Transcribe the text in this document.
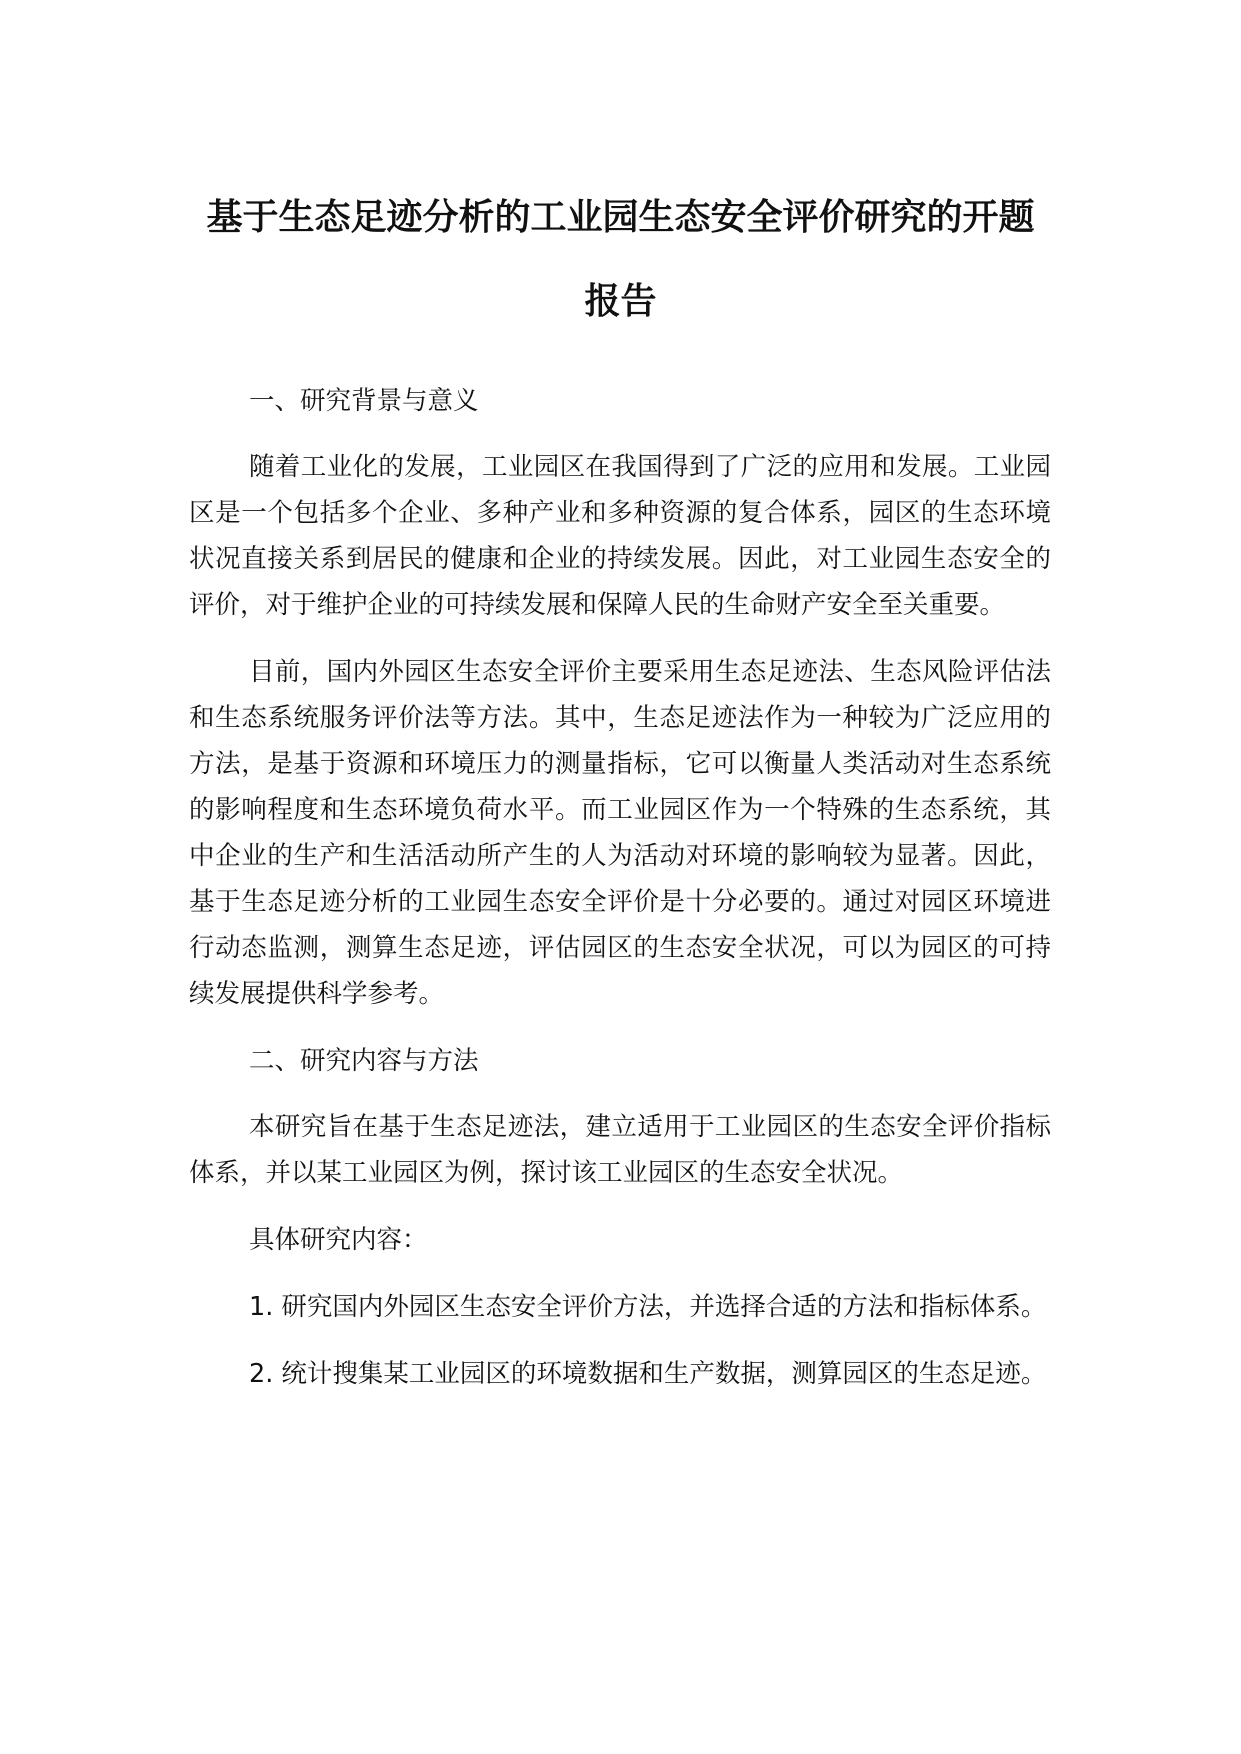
基于生态足迹分析的工业园生态安全评价研究的开题报告

一、研究背景与意义

随着工业化的发展，工业园区在我国得到了广泛的应用和发展。工业园区是一个包括多个企业、多种产业和多种资源的复合体系，园区的生态环境状况直接关系到居民的健康和企业的持续发展。因此，对工业园生态安全的评价，对于维护企业的可持续发展和保障人民的生命财产安全至关重要。

目前，国内外园区生态安全评价主要采用生态足迹法、生态风险评估法和生态系统服务评价法等方法。其中，生态足迹法作为一种较为广泛应用的方法，是基于资源和环境压力的测量指标，它可以衡量人类活动对生态系统的影响程度和生态环境负荷水平。而工业园区作为一个特殊的生态系统，其中企业的生产和生活活动所产生的人为活动对环境的影响较为显著。因此，基于生态足迹分析的工业园生态安全评价是十分必要的。通过对园区环境进行动态监测，测算生态足迹，评估园区的生态安全状况，可以为园区的可持续发展提供科学参考。

二、研究内容与方法

本研究旨在基于生态足迹法，建立适用于工业园区的生态安全评价指标体系，并以某工业园区为例，探讨该工业园区的生态安全状况。

具体研究内容：

1. 研究国内外园区生态安全评价方法，并选择合适的方法和指标体系。

2. 统计搜集某工业园区的环境数据和生产数据，测算园区的生态足迹。
